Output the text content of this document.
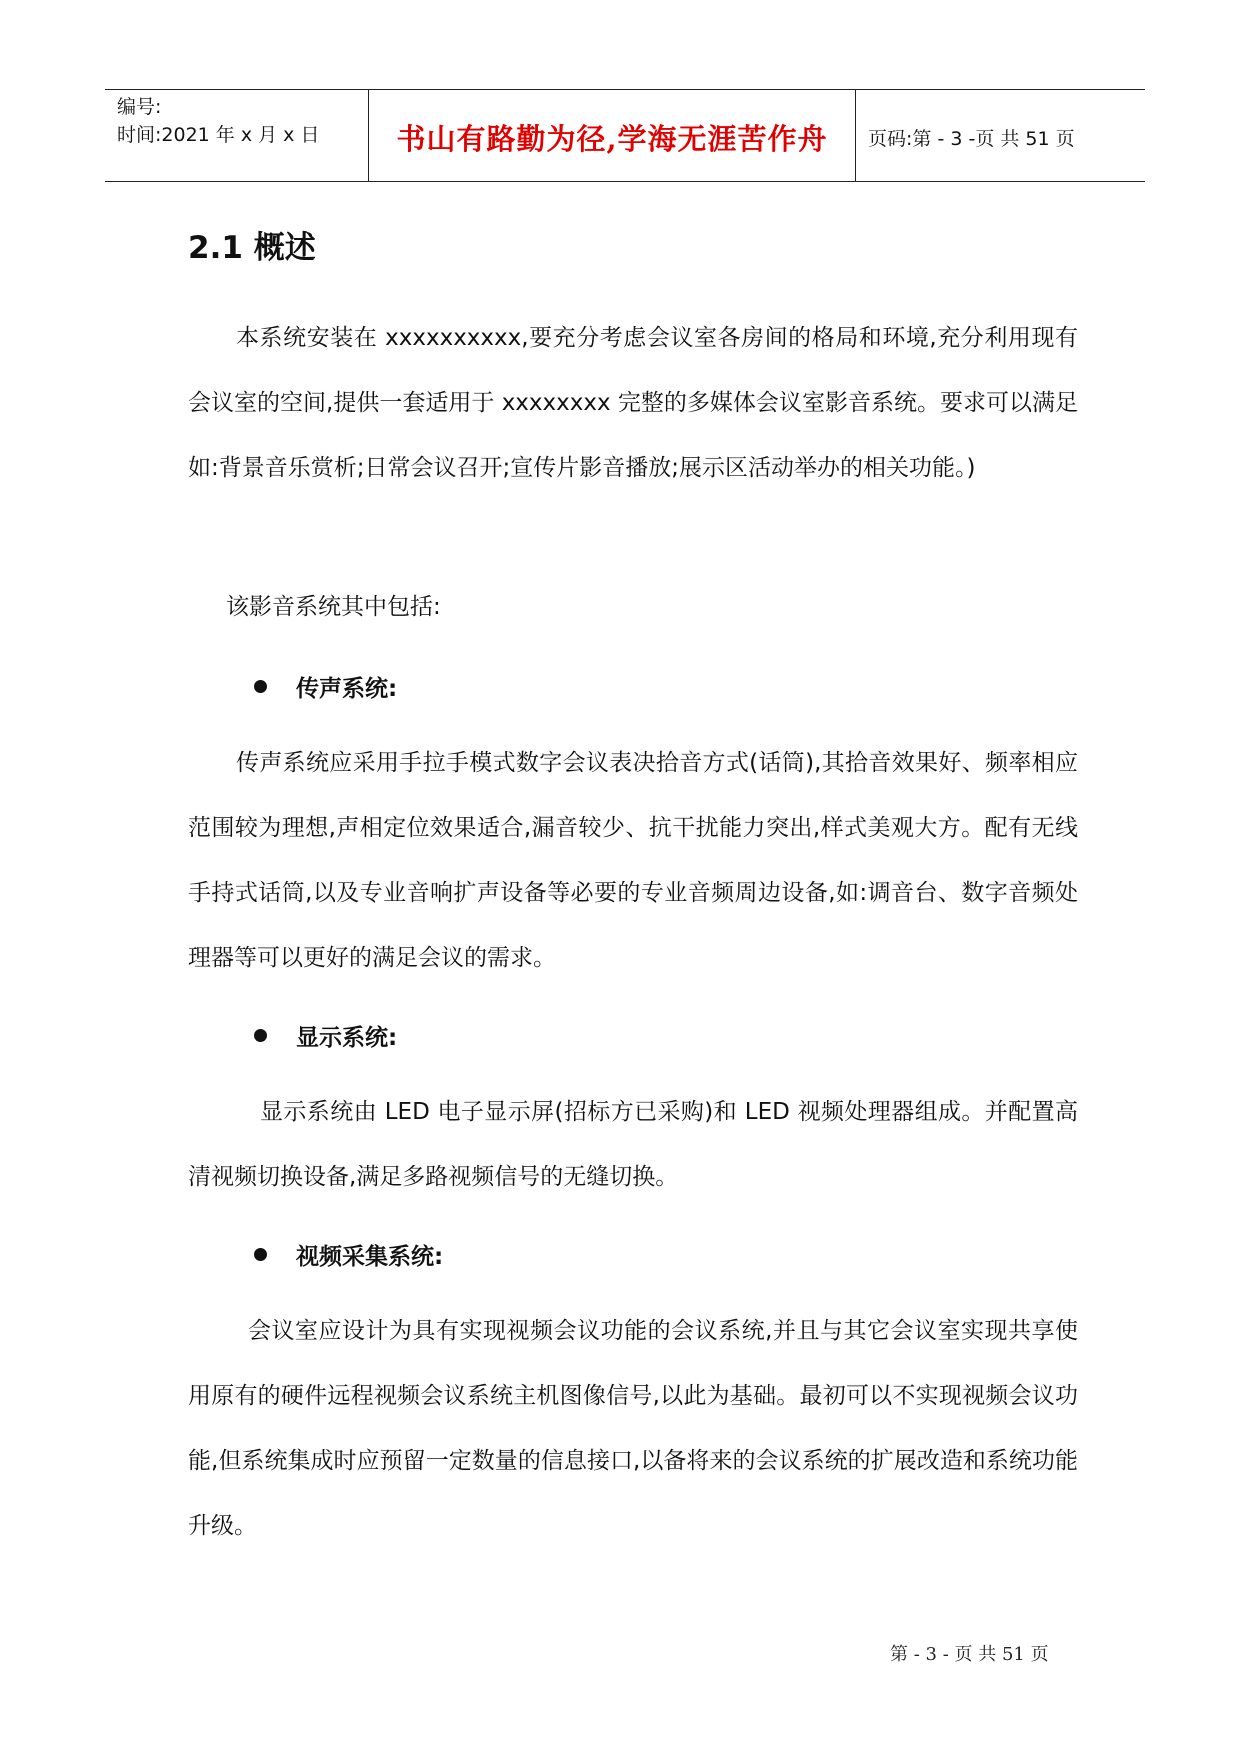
编号:
时间:2021 年 x 月 x 日	书山有路勤为径,学海无涯苦作舟	页码:第 - 3 -页 共 51 页
2.1 概述

本系统安装在 xxxxxxxxxx,要充分考虑会议室各房间的格局和环境,充分利用现有会议室的空间,提供一套适用于 xxxxxxxx 完整的多媒体会议室影音系统。要求可以满足如:背景音乐赏析;日常会议召开;宣传片影音播放;展示区活动举办的相关功能。)

该影音系统其中包括:

传声系统:

传声系统应采用手拉手模式数字会议表决拾音方式(话筒),其拾音效果好、频率相应范围较为理想,声相定位效果适合,漏音较少、抗干扰能力突出,样式美观大方。配有无线手持式话筒,以及专业音响扩声设备等必要的专业音频周边设备,如:调音台、数字音频处理器等可以更好的满足会议的需求。

显示系统:

显示系统由 LED 电子显示屏(招标方已采购)和 LED 视频处理器组成。并配置高清视频切换设备,满足多路视频信号的无缝切换。

视频采集系统:

会议室应设计为具有实现视频会议功能的会议系统,并且与其它会议室实现共享使用原有的硬件远程视频会议系统主机图像信号,以此为基础。最初可以不实现视频会议功能,但系统集成时应预留一定数量的信息接口,以备将来的会议系统的扩展改造和系统功能升级。

第 - 3 - 页 共 51 页
